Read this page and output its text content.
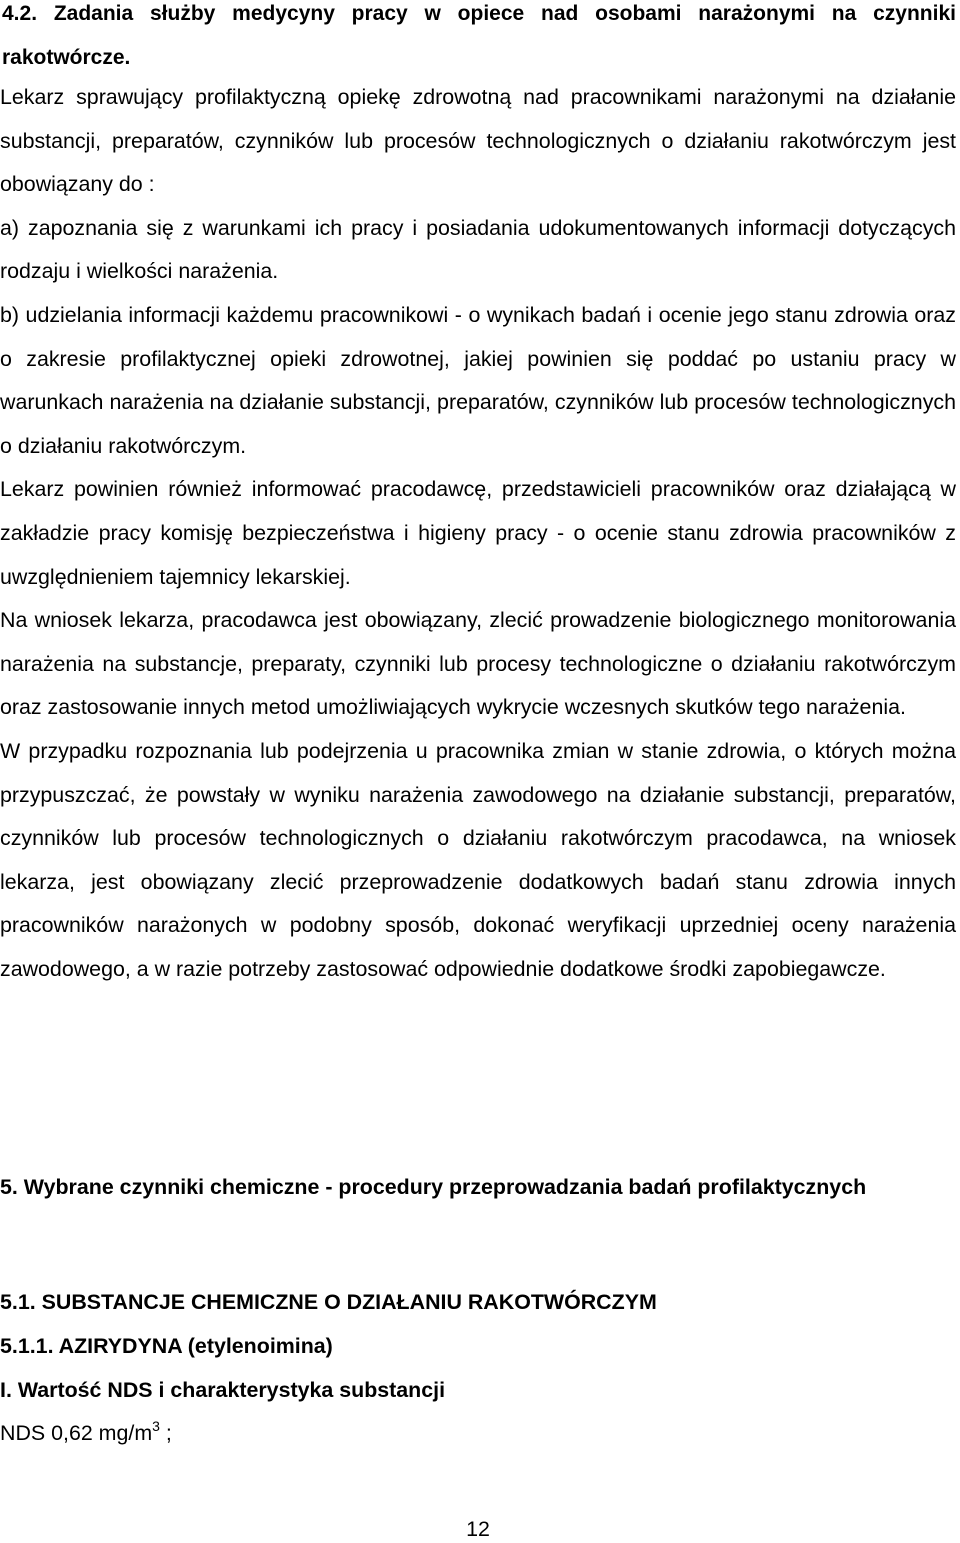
4.2. Zadania służby medycyny pracy w opiece nad osobami narażonymi na czynniki rakotwórcze.

Lekarz sprawujący profilaktyczną opiekę zdrowotną nad pracownikami narażonymi na działanie substancji, preparatów, czynników lub procesów technologicznych o działaniu rakotwórczym jest obowiązany do :

a) zapoznania się z warunkami ich pracy i posiadania udokumentowanych informacji dotyczących rodzaju i wielkości narażenia.

b) udzielania informacji każdemu pracownikowi - o wynikach badań i ocenie jego stanu zdrowia oraz o zakresie profilaktycznej opieki zdrowotnej, jakiej powinien się poddać po ustaniu pracy w warunkach narażenia na działanie substancji, preparatów, czynników lub procesów technologicznych o działaniu rakotwórczym.

Lekarz powinien również informować pracodawcę, przedstawicieli pracowników oraz działającą w zakładzie pracy komisję bezpieczeństwa i higieny pracy - o ocenie stanu zdrowia pracowników z uwzględnieniem tajemnicy lekarskiej.

Na wniosek lekarza, pracodawca jest obowiązany, zlecić prowadzenie biologicznego monitorowania narażenia na substancje, preparaty, czynniki lub procesy technologiczne o działaniu rakotwórczym oraz zastosowanie innych metod umożliwiających wykrycie wczesnych skutków tego narażenia.

W przypadku rozpoznania lub podejrzenia u pracownika zmian w stanie zdrowia, o których można przypuszczać, że powstały w wyniku narażenia zawodowego na działanie substancji, preparatów, czynników lub procesów technologicznych o działaniu rakotwórczym pracodawca, na wniosek lekarza, jest obowiązany zlecić przeprowadzenie dodatkowych badań stanu zdrowia innych pracowników narażonych w podobny sposób, dokonać weryfikacji uprzedniej oceny narażenia zawodowego, a w razie potrzeby zastosować odpowiednie dodatkowe środki zapobiegawcze.

5. Wybrane czynniki chemiczne - procedury przeprowadzania badań profilaktycznych
5.1. SUBSTANCJE CHEMICZNE O DZIAŁANIU RAKOTWÓRCZYM
5.1.1. AZIRYDYNA (etylenoimina)
I. Wartość NDS i charakterystyka substancji

NDS 0,62 $mg/m^3$ ;

12
